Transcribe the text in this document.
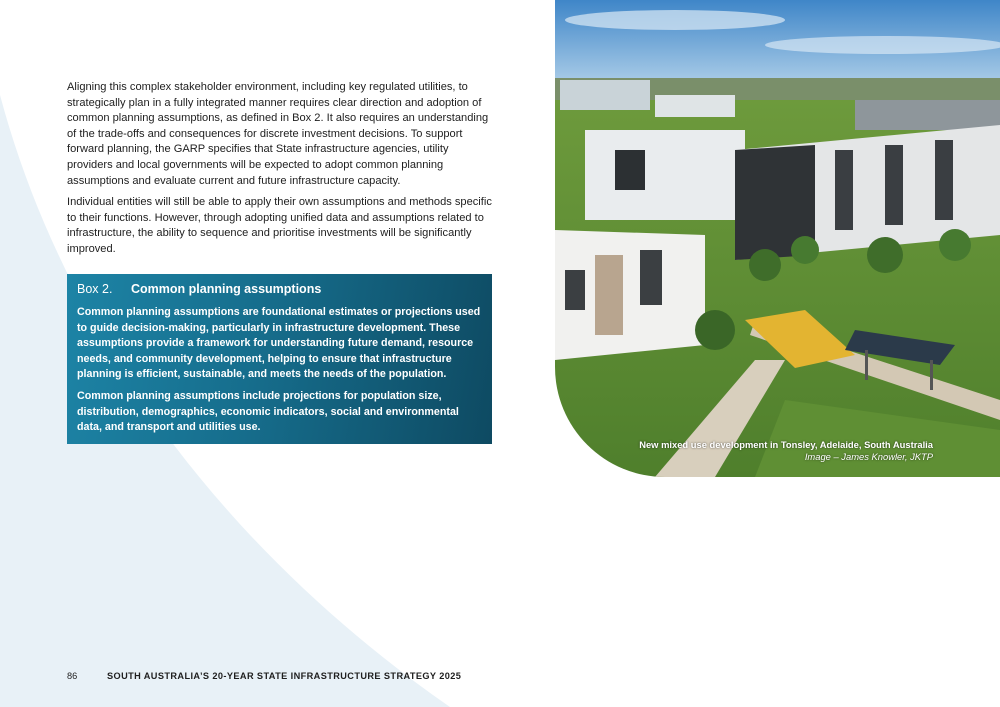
Aligning this complex stakeholder environment, including key regulated utilities, to strategically plan in a fully integrated manner requires clear direction and adoption of common planning assumptions, as defined in Box 2. It also requires an understanding of the trade-offs and consequences for discrete investment decisions. To support forward planning, the GARP specifies that State infrastructure agencies, utility providers and local governments will be expected to adopt common planning assumptions and evaluate current and future infrastructure capacity.

Individual entities will still be able to apply their own assumptions and methods specific to their functions. However, through adopting unified data and assumptions related to infrastructure, the ability to sequence and prioritise investments will be significantly improved.

Box 2.	Common planning assumptions

Common planning assumptions are foundational estimates or projections used to guide decision-making, particularly in infrastructure development. These assumptions provide a framework for understanding future demand, resource needs, and community development, helping to ensure that infrastructure planning is efficient, sustainable, and meets the needs of the population.

Common planning assumptions include projections for population size, distribution, demographics, economic indicators, social and environmental data, and transport and utilities use.

New mixed use development in Tonsley, Adelaide, South Australia
Image – James Knowler, JKTP
86	SOUTH AUSTRALIA’S 20-YEAR STATE INFRASTRUCTURE STRATEGY 2025
